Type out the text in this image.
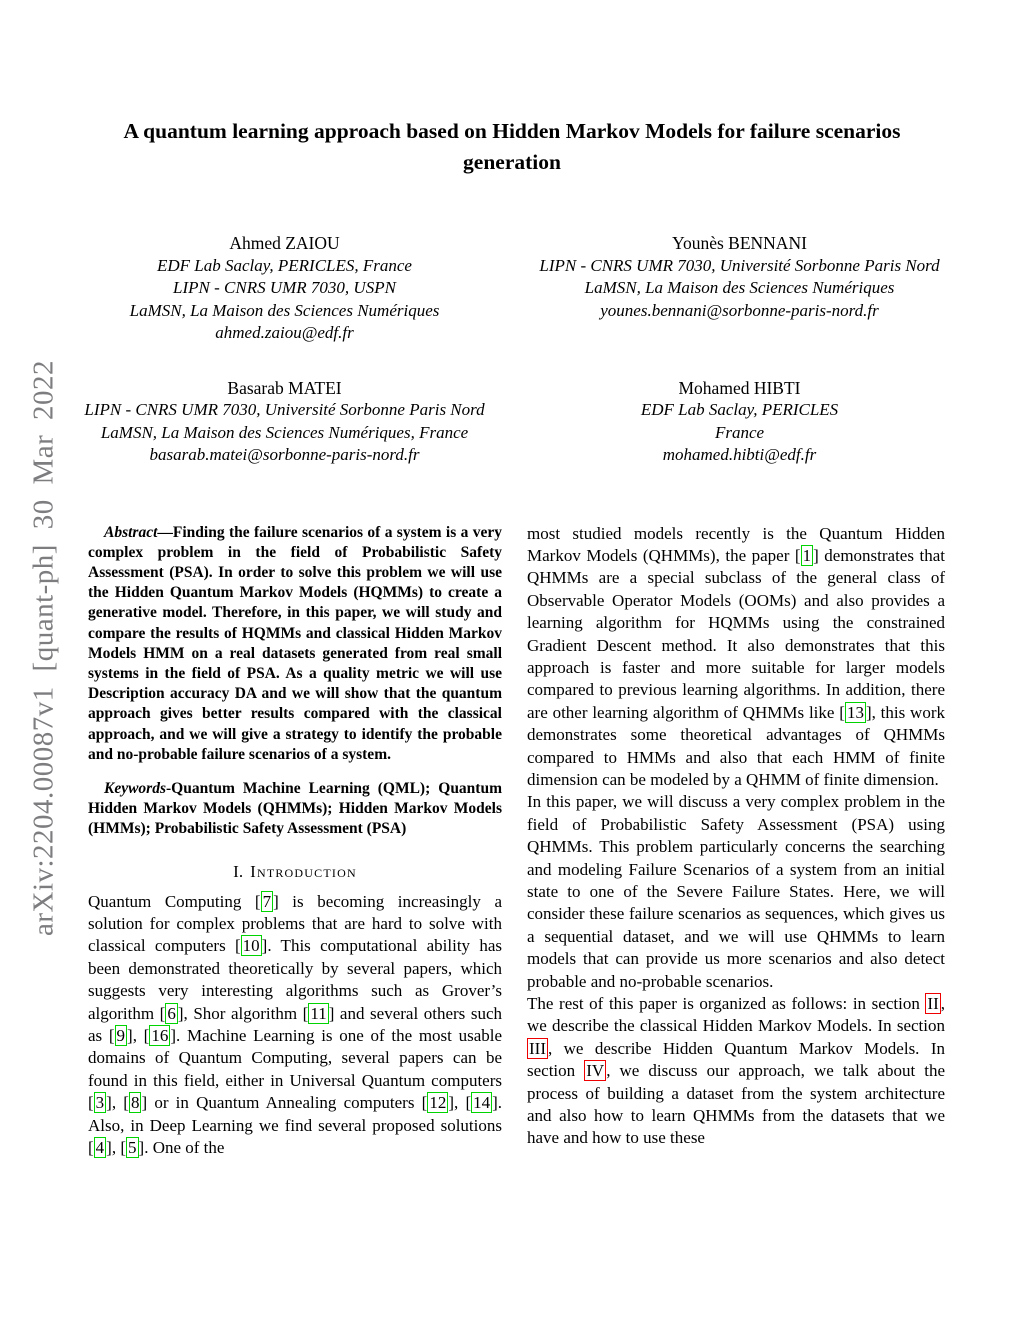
arXiv:2204.00087v1 [quant-ph] 30 Mar 2022
A quantum learning approach based on Hidden Markov Models for failure scenarios generation
Ahmed ZAIOU
EDF Lab Saclay, PERICLES, France
LIPN - CNRS UMR 7030, USPN
LaMSN, La Maison des Sciences Numériques
ahmed.zaiou@edf.fr
Younès BENNANI
LIPN - CNRS UMR 7030, Université Sorbonne Paris Nord
LaMSN, La Maison des Sciences Numériques
younes.bennani@sorbonne-paris-nord.fr
Basarab MATEI
LIPN - CNRS UMR 7030, Université Sorbonne Paris Nord
LaMSN, La Maison des Sciences Numériques, France
basarab.matei@sorbonne-paris-nord.fr
Mohamed HIBTI
EDF Lab Saclay, PERICLES
France
mohamed.hibti@edf.fr

Abstract—Finding the failure scenarios of a system is a very complex problem in the field of Probabilistic Safety Assessment (PSA). In order to solve this problem we will use the Hidden Quantum Markov Models (HQMMs) to create a generative model. Therefore, in this paper, we will study and compare the results of HQMMs and classical Hidden Markov Models HMM on a real datasets generated from real small systems in the field of PSA. As a quality metric we will use Description accuracy DA and we will show that the quantum approach gives better results compared with the classical approach, and we will give a strategy to identify the probable and no-probable failure scenarios of a system.

Keywords-Quantum Machine Learning (QML); Quantum Hidden Markov Models (QHMMs); Hidden Markov Models (HMMs); Probabilistic Safety Assessment (PSA)

I. Introduction

Quantum Computing [ 7 ] is becoming increasingly a solution for complex problems that are hard to solve with classical computers [ 10 ]. This computational ability has been demonstrated theoretically by several papers, which suggests very interesting algorithms such as Grover’s algorithm [ 6 ], Shor algorithm [ 11 ] and several others such as [ 9 ], [ 16 ]. Machine Learning is one of the most usable domains of Quantum Computing, several papers can be found in this field, either in Universal Quantum computers [ 3 ], [ 8 ] or in Quantum Annealing computers [ 12 ], [ 14 ]. Also, in Deep Learning we find several proposed solutions [ 4 ], [ 5 ]. One of the

most studied models recently is the Quantum Hidden Markov Models (QHMMs), the paper [ 1 ] demonstrates that QHMMs are a special subclass of the general class of Observable Operator Models (OOMs) and also provides a learning algorithm for HQMMs using the constrained Gradient Descent method. It also demonstrates that this approach is faster and more suitable for larger models compared to previous learning algorithms. In addition, there are other learning algorithm of QHMMs like [ 13 ], this work demonstrates some theoretical advantages of QHMMs compared to HMMs and also that each HMM of finite dimension can be modeled by a QHMM of finite dimension.

In this paper, we will discuss a very complex problem in the field of Probabilistic Safety Assessment (PSA) using QHMMs. This problem particularly concerns the searching and modeling Failure Scenarios of a system from an initial state to one of the Severe Failure States. Here, we will consider these failure scenarios as sequences, which gives us a sequential dataset, and we will use QHMMs to learn models that can provide us more scenarios and also detect probable and no-probable scenarios.

The rest of this paper is organized as follows: in section II , we describe the classical Hidden Markov Models. In section III , we describe Hidden Quantum Markov Models. In section IV , we discuss our approach, we talk about the process of building a dataset from the system architecture and also how to learn QHMMs from the datasets that we have and how to use these
